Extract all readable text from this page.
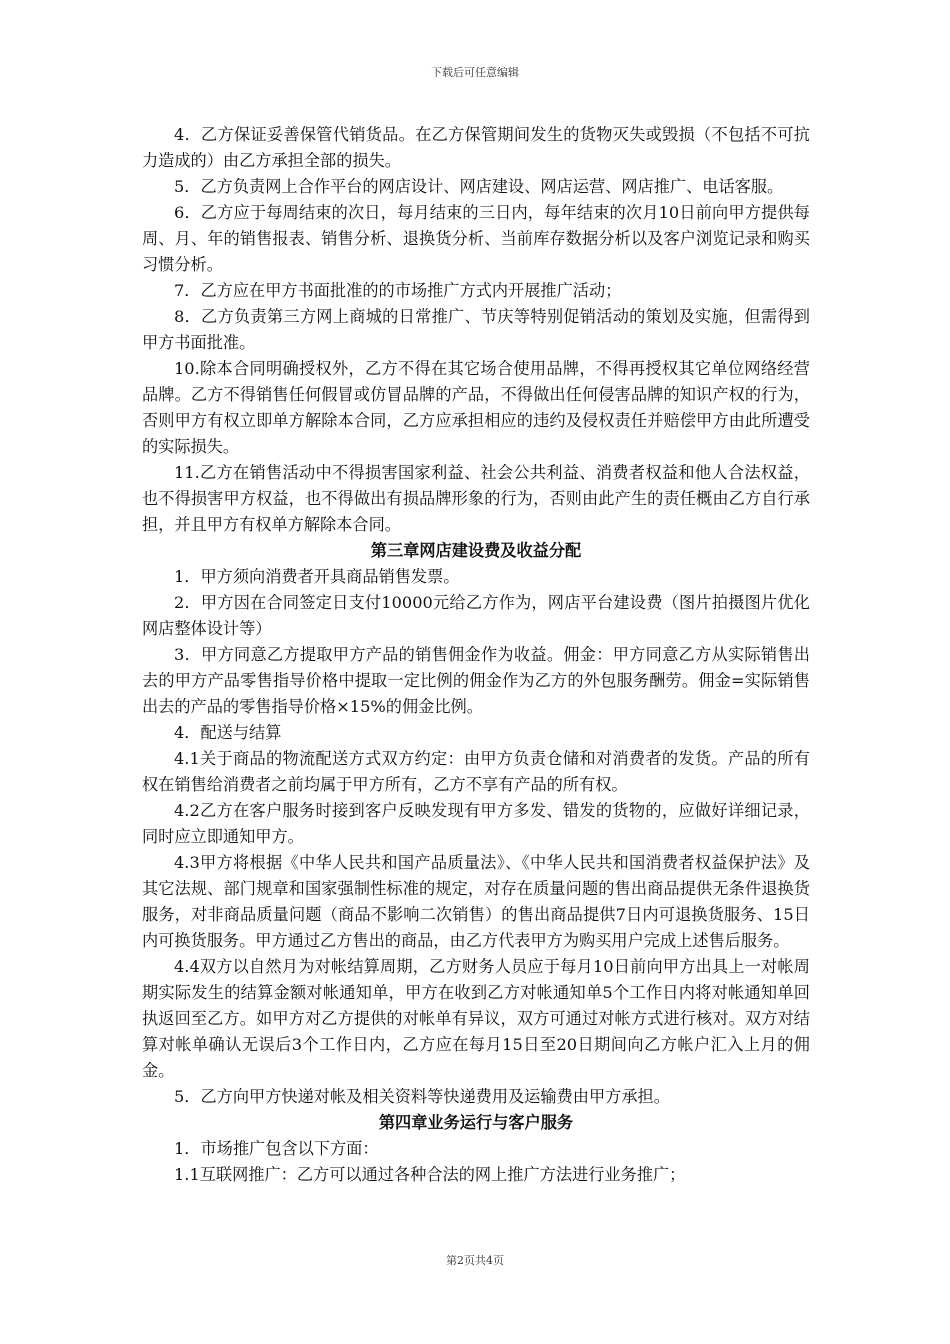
下载后可任意编辑

4．乙方保证妥善保管代销货品。在乙方保管期间发生的货物灭失或毁损（不包括不可抗力造成的）由乙方承担全部的损失。

5．乙方负责网上合作平台的网店设计、网店建设、网店运营、网店推广、电话客服。

6．乙方应于每周结束的次日，每月结束的三日内，每年结束的次月10日前向甲方提供每周、月、年的销售报表、销售分析、退换货分析、当前库存数据分析以及客户浏览记录和购买习惯分析。

7．乙方应在甲方书面批准的的市场推广方式内开展推广活动；

8．乙方负责第三方网上商城的日常推广、节庆等特别促销活动的策划及实施，但需得到甲方书面批准。

10.除本合同明确授权外，乙方不得在其它场合使用品牌，不得再授权其它单位网络经营品牌。乙方不得销售任何假冒或仿冒品牌的产品，不得做出任何侵害品牌的知识产权的行为，否则甲方有权立即单方解除本合同，乙方应承担相应的违约及侵权责任并赔偿甲方由此所遭受的实际损失。

11.乙方在销售活动中不得损害国家利益、社会公共利益、消费者权益和他人合法权益，也不得损害甲方权益，也不得做出有损品牌形象的行为，否则由此产生的责任概由乙方自行承担，并且甲方有权单方解除本合同。

第三章网店建设费及收益分配

1．甲方须向消费者开具商品销售发票。

2．甲方因在合同签定日支付10000元给乙方作为，网店平台建设费（图片拍摄图片优化网店整体设计等）

3．甲方同意乙方提取甲方产品的销售佣金作为收益。佣金：甲方同意乙方从实际销售出去的甲方产品零售指导价格中提取一定比例的佣金作为乙方的外包服务酬劳。佣金=实际销售出去的产品的零售指导价格×15%的佣金比例。

4．配送与结算

4.1关于商品的物流配送方式双方约定：由甲方负责仓储和对消费者的发货。产品的所有权在销售给消费者之前均属于甲方所有，乙方不享有产品的所有权。

4.2乙方在客户服务时接到客户反映发现有甲方多发、错发的货物的，应做好详细记录，同时应立即通知甲方。

4.3甲方将根据《中华人民共和国产品质量法》、《中华人民共和国消费者权益保护法》及其它法规、部门规章和国家强制性标准的规定，对存在质量问题的售出商品提供无条件退换货服务，对非商品质量问题（商品不影响二次销售）的售出商品提供7日内可退换货服务、15日内可换货服务。甲方通过乙方售出的商品，由乙方代表甲方为购买用户完成上述售后服务。

4.4双方以自然月为对帐结算周期，乙方财务人员应于每月10日前向甲方出具上一对帐周期实际发生的结算金额对帐通知单，甲方在收到乙方对帐通知单5个工作日内将对帐通知单回执返回至乙方。如甲方对乙方提供的对帐单有异议，双方可通过对帐方式进行核对。双方对结算对帐单确认无误后3个工作日内，乙方应在每月15日至20日期间向乙方帐户汇入上月的佣金。

5．乙方向甲方快递对帐及相关资料等快递费用及运输费由甲方承担。

第四章业务运行与客户服务

1．市场推广包含以下方面：

1.1互联网推广：乙方可以通过各种合法的网上推广方法进行业务推广；

第2页共4页
